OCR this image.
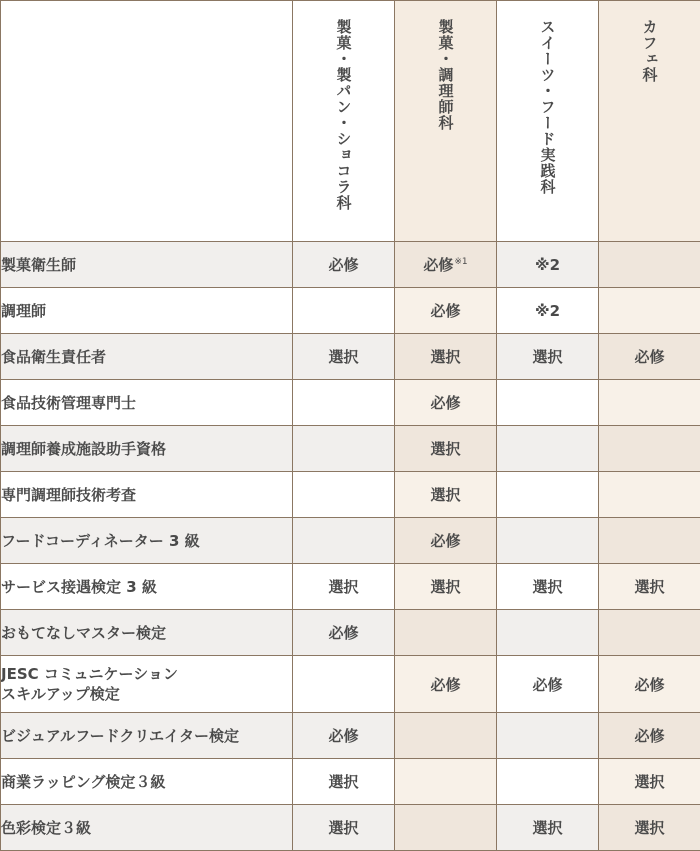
	製菓・製パン・ショコラ科	製菓・調理師科	スイーツ・フード実践科	カフェ科

製菓衛生師	必修	必修$^{※1}$	※2	

調理師		必修	※2	

食品衛生責任者	選択	選択	選択	必修

食品技術管理専門士		必修		

調理師養成施設助手資格		選択		

専門調理師技術考査		選択		

フードコーディネーター 3 級		必修		

サービス接遇検定 3 級	選択	選択	選択	選択

おもてなしマスター検定	必修			

JESC コミュニケーション
スキルアップ検定		必修	必修	必修

ビジュアルフードクリエイター検定	必修			必修

商業ラッピング検定３級	選択			選択

色彩検定３級	選択		選択	選択
